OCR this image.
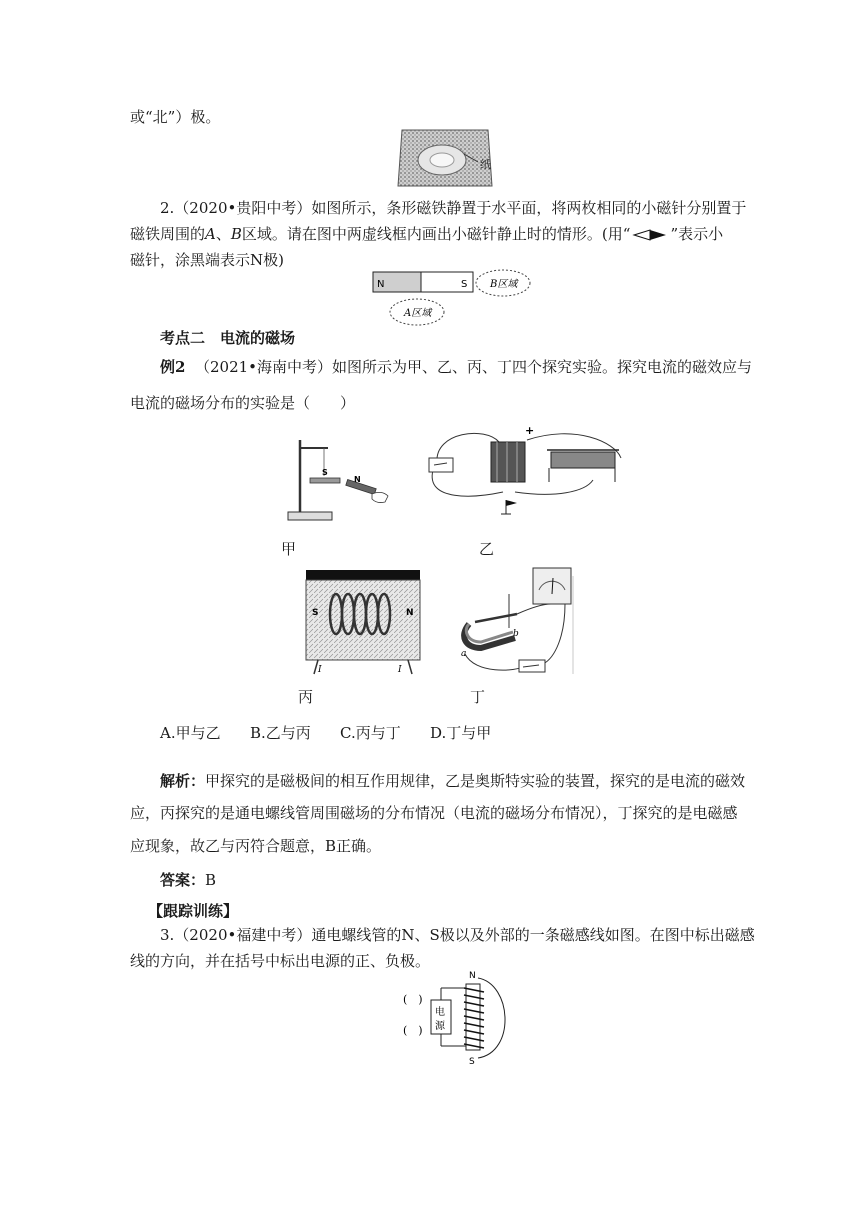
或“北”）极。
纸
2.（2020•贵阳中考）如图所示，条形磁铁静置于水平面，将两枚相同的小磁针分别置于
磁铁周围的A、B区域。请在图中两虚线框内画出小磁针静止时的情形。(用“	”表示小
磁针，涂黑端表示N极)
N	S B区域
A区域
考点二　电流的磁场
例2 （2021•海南中考）如图所示为甲、乙、丙、丁四个探究实验。探究电流的磁效应与
电流的磁场分布的实验是（　　）
S
N
甲
+
乙
S	N
I	I
丙
b
a
丁
A.甲与乙 B.乙与丙 C.丙与丁 D.丁与甲
解析：甲探究的是磁极间的相互作用规律，乙是奥斯特实验的装置，探究的是电流的磁效
应，丙探究的是通电螺线管周围磁场的分布情况（电流的磁场分布情况），丁探究的是电磁感
应现象，故乙与丙符合题意，B正确。
答案：B
【跟踪训练】
3.（2020•福建中考）通电螺线管的N、S极以及外部的一条磁感线如图。在图中标出磁感
线的方向，并在括号中标出电源的正、负极。
(　)
(　)
电
源
N
S
